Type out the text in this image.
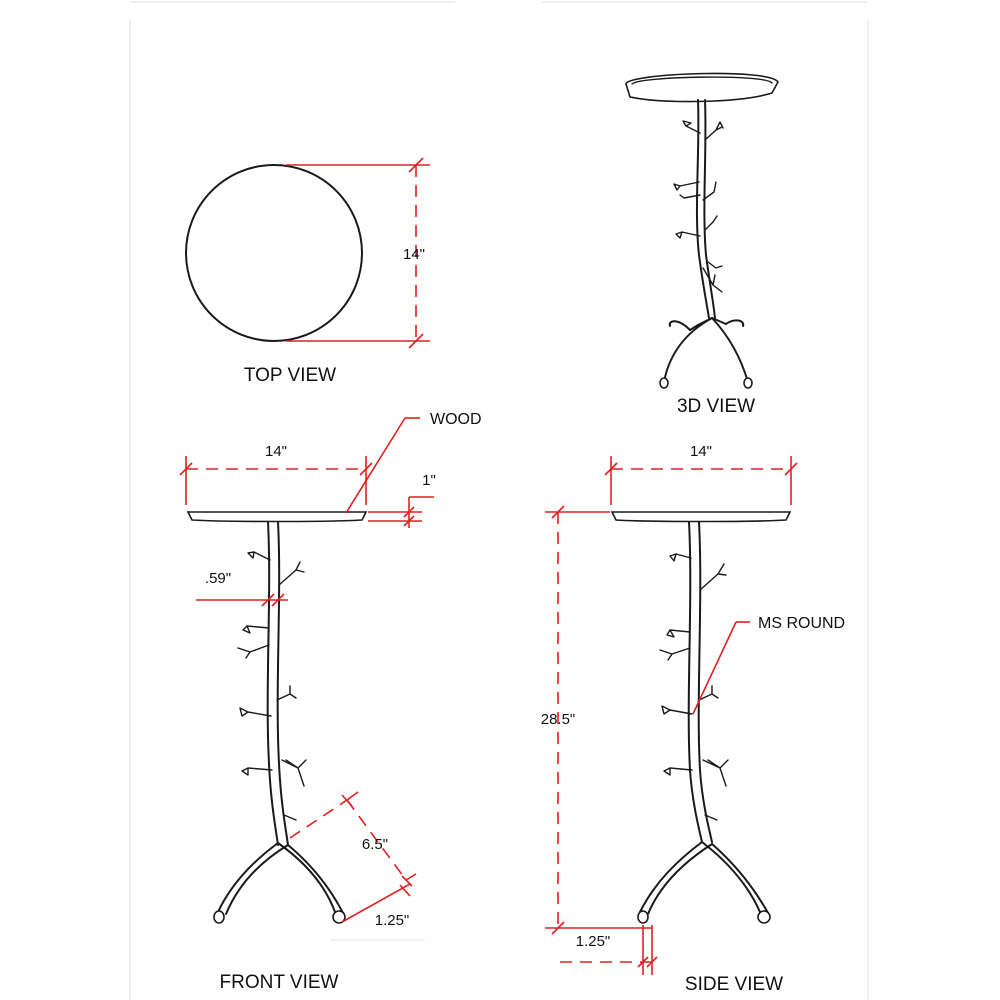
14"
TOP VIEW
3D VIEW
14"
1"
WOOD
.59"
6.5"
1.25"
FRONT VIEW
14"
28.5"
MS ROUND
1.25"
SIDE VIEW
